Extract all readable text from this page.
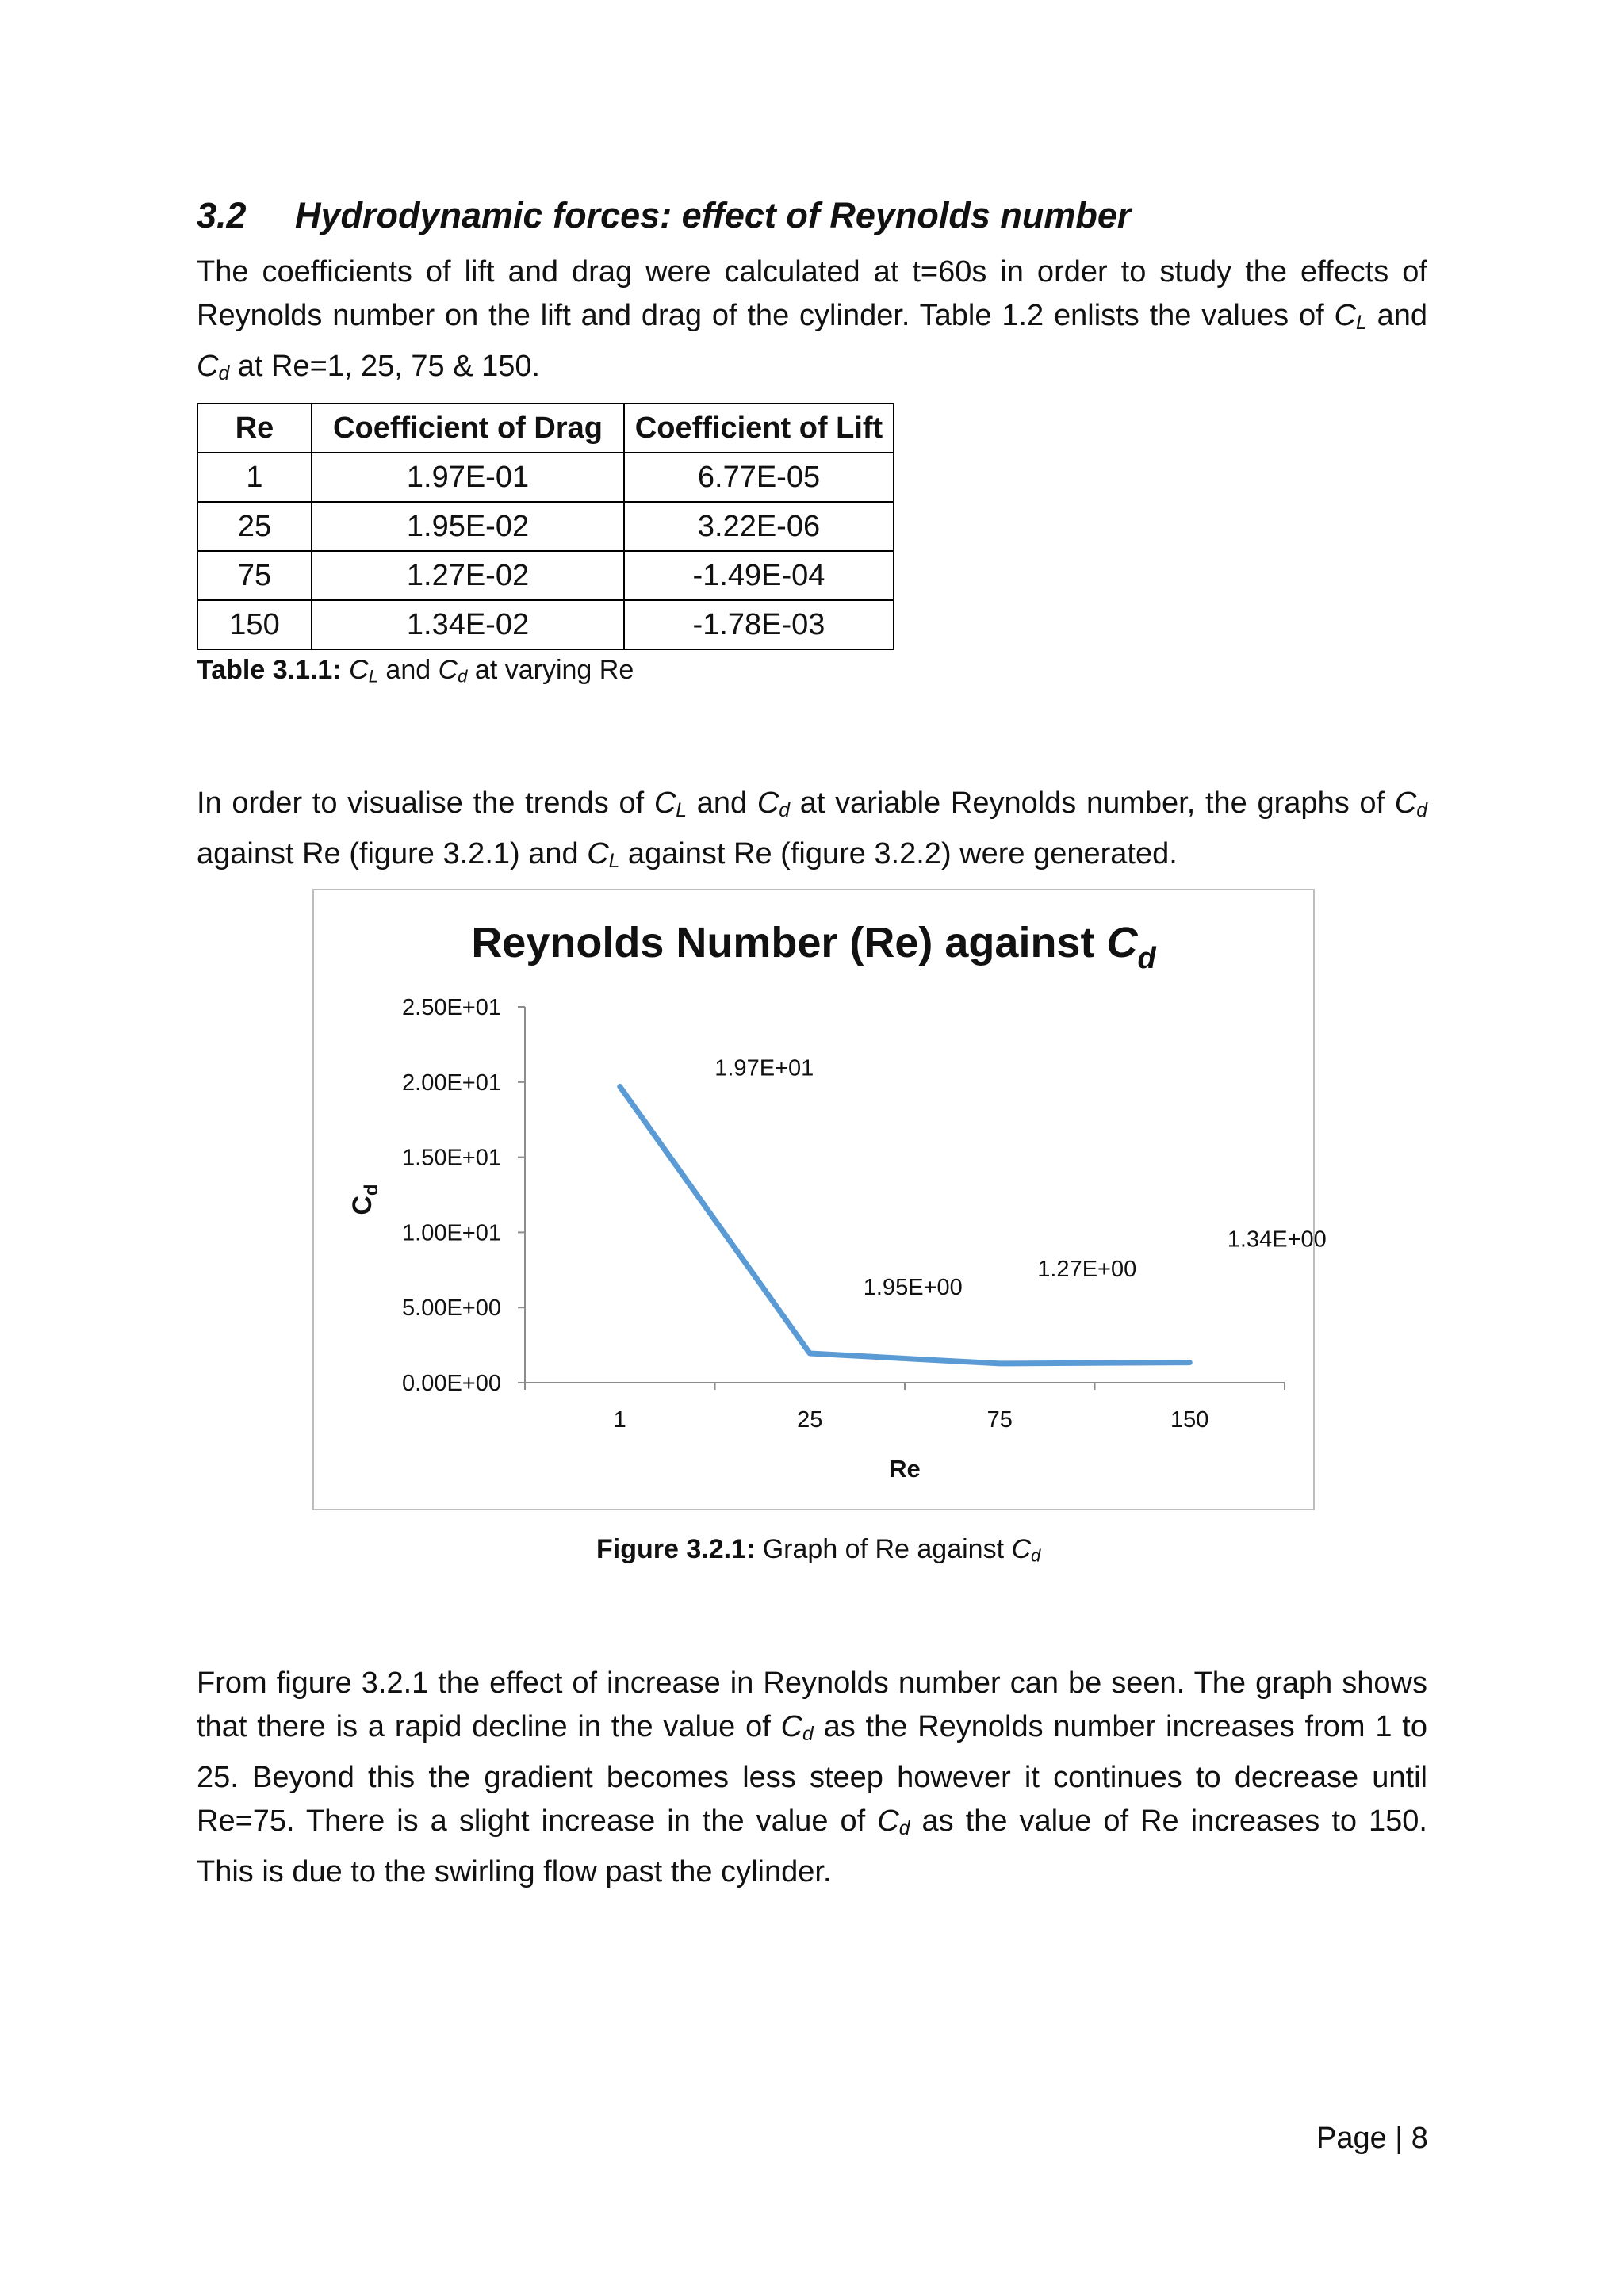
3.2 Hydrodynamic forces: effect of Reynolds number

The coefficients of lift and drag were calculated at t=60s in order to study the effects of Reynolds number on the lift and drag of the cylinder. Table 1.2 enlists the values of $C_L$ and $C_d$ at Re=1, 25, 75 & 150.

Re	Coefficient of Drag	Coefficient of Lift
1	1.97E-01	6.77E-05
25	1.95E-02	3.22E-06
75	1.27E-02	-1.49E-04
150	1.34E-02	-1.78E-03
Table 3.1.1: $C_L$ and $C_d$ at varying Re

In order to visualise the trends of $C_L$ and $C_d$ at variable Reynolds number, the graphs of $C_d$ against Re (figure 3.2.1) and $C_L$ against Re (figure 3.2.2) were generated.

Reynolds Number (Re) against $C_d$
$C_d$
Re
0.00E+00
5.00E+00
1.00E+01
1.50E+01
2.00E+01
2.50E+01
1	25	75	150
1.97E+01
1.95E+00
1.27E+00
1.34E+00
Figure 3.2.1: Graph of Re against $C_d$

From figure 3.2.1 the effect of increase in Reynolds number can be seen. The graph shows that there is a rapid decline in the value of $C_d$ as the Reynolds number increases from 1 to 25. Beyond this the gradient becomes less steep however it continues to decrease until Re=75. There is a slight increase in the value of $C_d$ as the value of Re increases to 150. This is due to the swirling flow past the cylinder.

Page | 8
